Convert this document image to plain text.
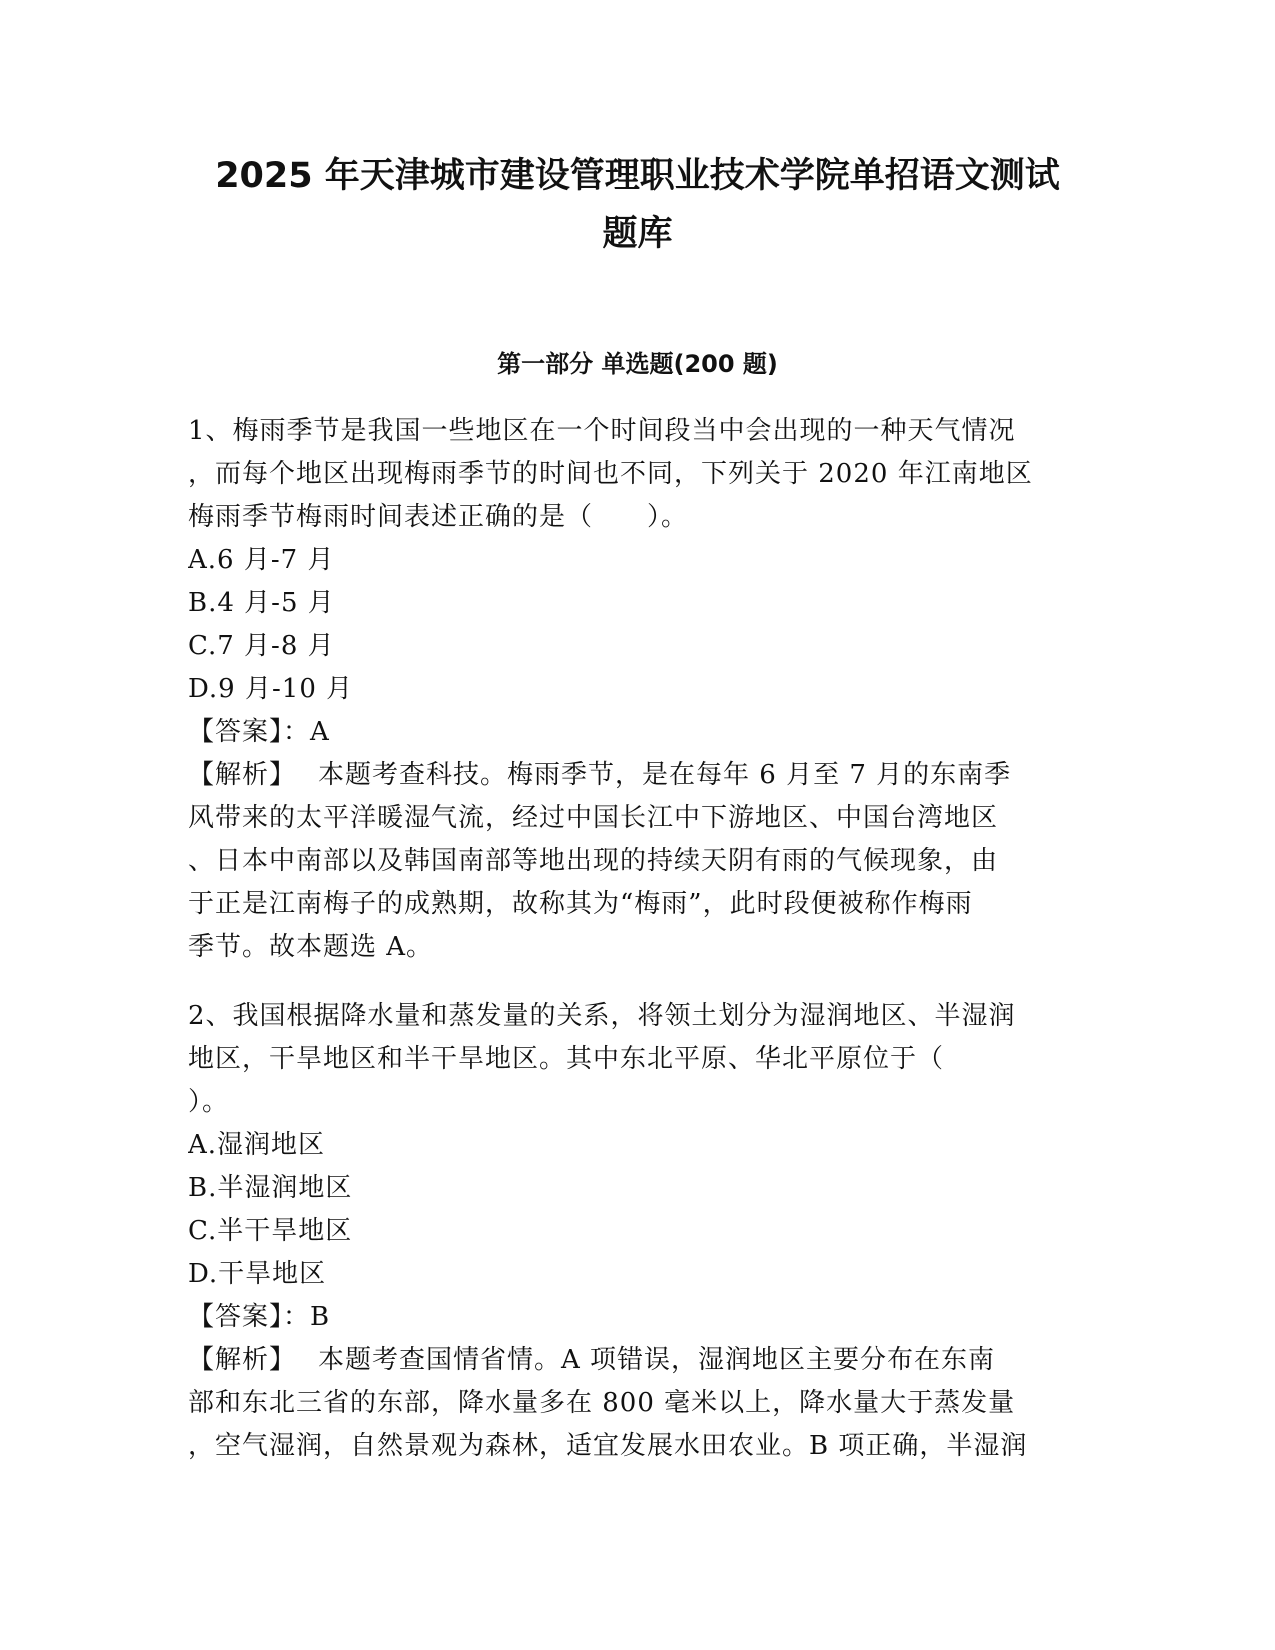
2025 年天津城市建设管理职业技术学院单招语文测试
题库
第一部分 单选题(200 题)
1、梅雨季节是我国一些地区在一个时间段当中会出现的一种天气情况
，而每个地区出现梅雨季节的时间也不同，下列关于 2020 年江南地区
梅雨季节梅雨时间表述正确的是（　　）。
A.6 月-7 月
B.4 月-5 月
C.7 月-8 月
D.9 月-10 月
【答案】：A
【解析】 本题考查科技。梅雨季节，是在每年 6 月至 7 月的东南季
风带来的太平洋暖湿气流，经过中国长江中下游地区、中国台湾地区
、日本中南部以及韩国南部等地出现的持续天阴有雨的气候现象，由
于正是江南梅子的成熟期，故称其为“梅雨”，此时段便被称作梅雨
季节。故本题选 A。
2、我国根据降水量和蒸发量的关系，将领土划分为湿润地区、半湿润
地区，干旱地区和半干旱地区。其中东北平原、华北平原位于（
）。
A.湿润地区
B.半湿润地区
C.半干旱地区
D.干旱地区
【答案】：B
【解析】 本题考查国情省情。A 项错误，湿润地区主要分布在东南
部和东北三省的东部，降水量多在 800 毫米以上，降水量大于蒸发量
，空气湿润，自然景观为森林，适宜发展水田农业。B 项正确，半湿润
